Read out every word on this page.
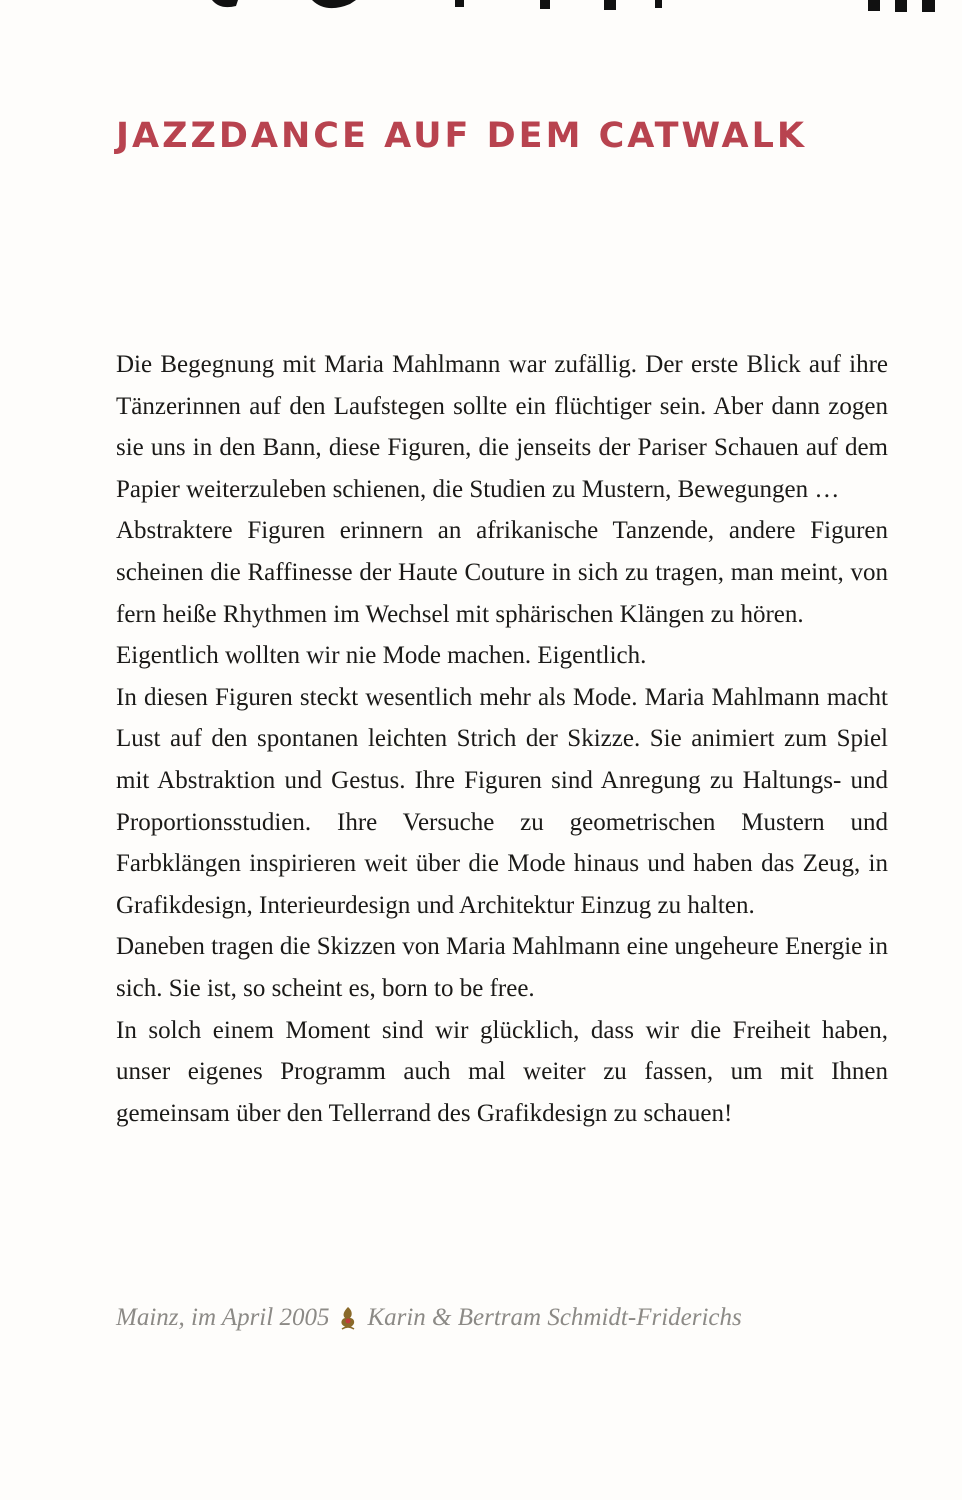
JAZZDANCE AUF DEM CATWALK

Die Begegnung mit Maria Mahlmann war zufällig. Der erste Blick auf ihre Tänzerinnen auf den Laufstegen sollte ein flüchtiger sein. Aber dann zogen sie uns in den Bann, diese Figuren, die jenseits der Pariser Schauen auf dem Papier weiterzuleben schienen, die Studien zu Mustern, Bewegungen …

Abstraktere Figuren erinnern an afrikanische Tanzende, andere Figuren scheinen die Raffinesse der Haute Couture in sich zu tragen, man meint, von fern heiße Rhythmen im Wechsel mit sphärischen Klängen zu hören.

Eigentlich wollten wir nie Mode machen. Eigentlich.

In diesen Figuren steckt wesentlich mehr als Mode. Maria Mahlmann macht Lust auf den spontanen leichten Strich der Skizze. Sie animiert zum Spiel mit Abstraktion und Gestus. Ihre Figuren sind Anregung zu Haltungs- und Proportionsstudien. Ihre Versuche zu geometrischen Mustern und Farbklängen inspirieren weit über die Mode hinaus und haben das Zeug, in Grafikdesign, Interieurdesign und Architektur Einzug zu halten.

Daneben tragen die Skizzen von Maria Mahlmann eine ungeheure Energie in sich. Sie ist, so scheint es, born to be free.

In solch einem Moment sind wir glücklich, dass wir die Freiheit haben, unser eigenes Programm auch mal weiter zu fassen, um mit Ihnen gemeinsam über den Tellerrand des Grafikdesign zu schauen!

Mainz, im April 2005 Karin & Bertram Schmidt-Friderichs
